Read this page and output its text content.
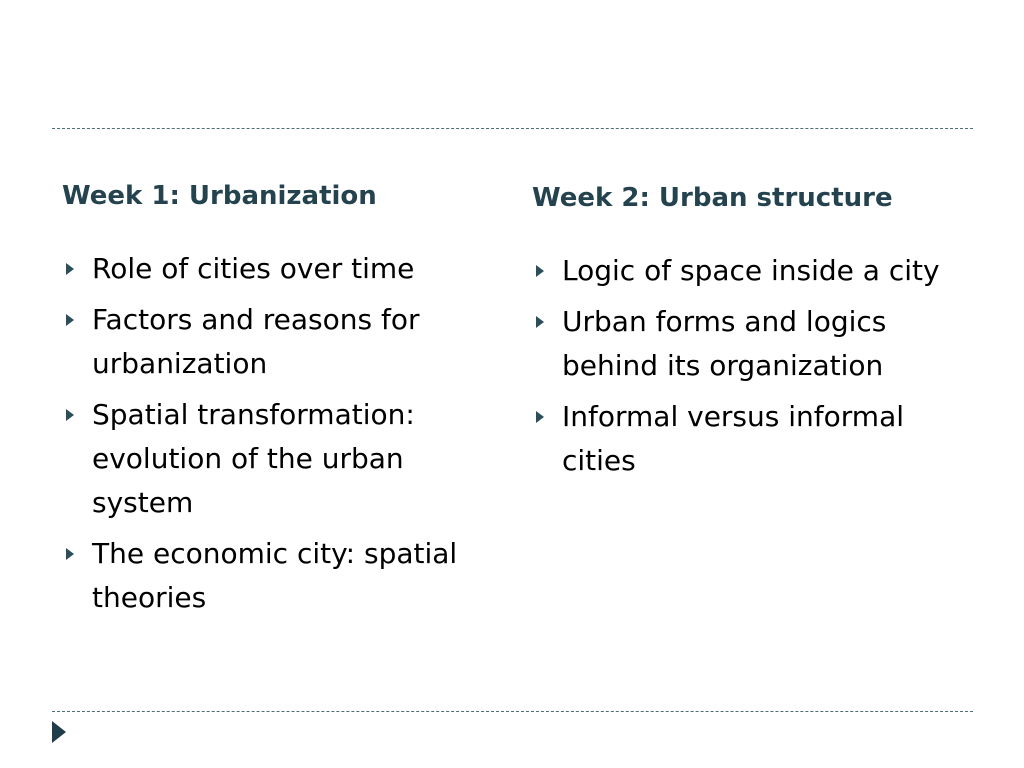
Week 1: Urbanization
Role of cities over time
Factors and reasons for urbanization
Spatial transformation: evolution of the urban system
The economic city: spatial theories
Week 2: Urban structure
Logic of space inside a city
Urban forms and logics behind its organization
Informal versus informal cities
